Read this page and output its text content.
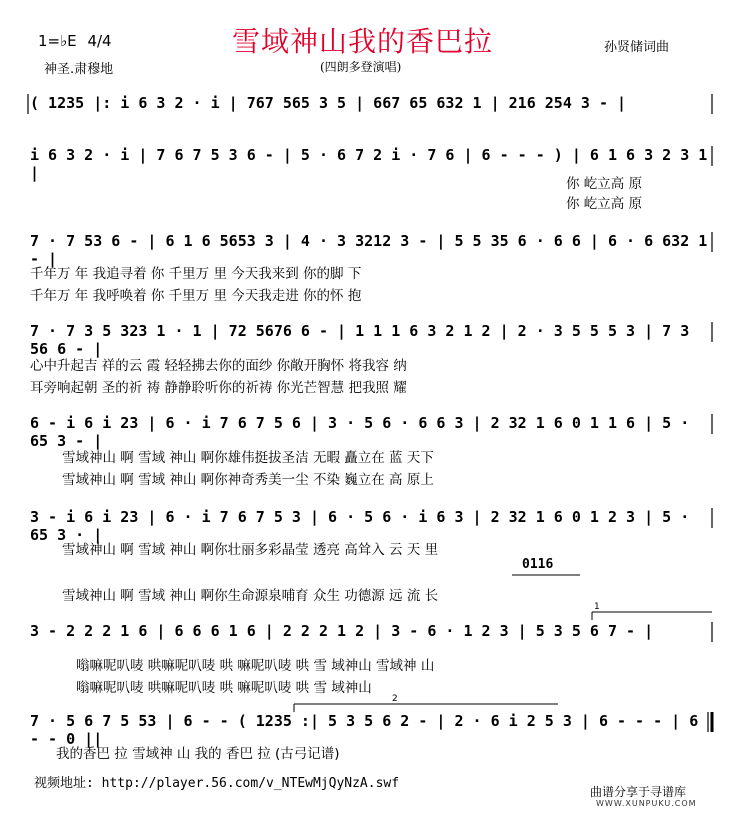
1=♭E 4/4
神圣.肃穆地
雪域神山我的香巴拉
(四朗多登演唱)
孙贤储词曲
1
2
( 1235 |: i 6 3 2 · i | 767 565 3 5 | 667 65 632 1 | 216 254 3 - |
i 6 3 2 · i | 7 6 7 5 3 6 - | 5 · 6 7 2 i · 7 6 | 6 - - - ) | 6 1 6 3 2 3 1 |
你 屹立高 原
你 屹立高 原
7 · 7 53 6 - | 6 1 6 5653 3 | 4 · 3 3212 3 - | 5 5 35 6 · 6 6 | 6 · 6 632 1 - |
千年万 年 我追寻着 你 千里万 里 今天我来到 你的脚 下
千年万 年 我呼唤着 你 千里万 里 今天我走进 你的怀 抱
7 · 7 3 5 323 1 · 1 | 72 5676 6 - | 1 1 1 6 3 2 1 2 | 2 · 3 5 5 5 3 | 7 3 56 6 - |
心中升起吉 祥的云 霞 轻轻拂去你的面纱 你敞开胸怀 将我容 纳
耳旁响起朝 圣的祈 祷 静静聆听你的祈祷 你光芒智慧 把我照 耀
6 - i 6 i 23 | 6 · i 7 6 7 5 6 | 3 · 5 6 · 6 6 3 | 2 32 1 6 0 1 1 6 | 5 · 65 3 - |
雪域神山 啊 雪域 神山 啊你雄伟挺拔圣洁 无暇 矗立在 蓝 天下
雪域神山 啊 雪域 神山 啊你神奇秀美一尘 不染 巍立在 高 原上
3 - i 6 i 23 | 6 · i 7 6 7 5 3 | 6 · 5 6 · i 6 3 | 2 32 1 6 0 1 2 3 | 5 · 65 3 · |
雪域神山 啊 雪域 神山 啊你壮丽多彩晶莹 透亮 高耸入 云 天 里
0116
雪域神山 啊 雪域 神山 啊你生命源泉哺育 众生 功德源 远 流 长
3 - 2 2 2 1 6 | 6 6 6 1 6 | 2 2 2 1 2 | 3 - 6 · 1 2 3 | 5 3 5 6 7 - |
嗡嘛呢叭唛 哄嘛呢叭唛 哄 嘛呢叭唛 哄 雪 域神山 雪域神 山
嗡嘛呢叭唛 哄嘛呢叭唛 哄 嘛呢叭唛 哄 雪 域神山
7 · 5 6 7 5 53 | 6 - - ( 1235 :| 5 3 5 6 2 - | 2 · 6 i 2 5 3 | 6 - - - | 6 - - 0 ||
我的香巴 拉 雪域神 山 我的 香巴 拉 (古弓记谱)
视频地址: http://player.56.com/v_NTEwMjQyNzA.swf
曲谱分享于寻谱库
WWW.XUNPUKU.COM
